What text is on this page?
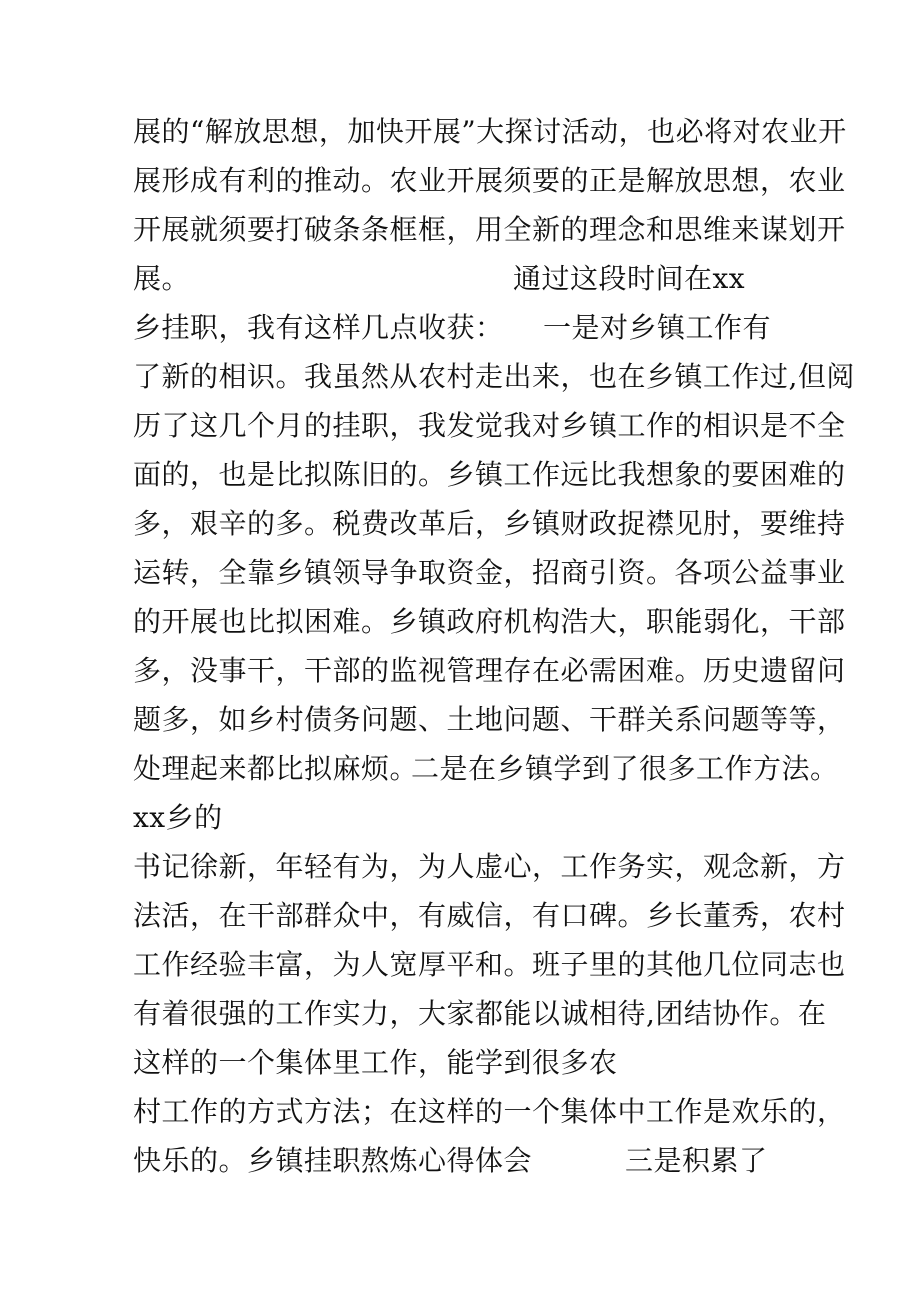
展的“解放思想，加快开展”大探讨活动，也必将对农业开
展形成有利的推动。农业开展须要的正是解放思想，农业
开展就须要打破条条框框，用全新的理念和思维来谋划开
展。	通过这段时间在xx
乡挂职，我有这样几点收获： 一是对乡镇工作有
了新的相识。我虽然从农村走出来，也在乡镇工作过,但阅
历了这几个月的挂职，我发觉我对乡镇工作的相识是不全
面的，也是比拟陈旧的。乡镇工作远比我想象的要困难的
多，艰辛的多。税费改革后，乡镇财政捉襟见肘，要维持
运转，全靠乡镇领导争取资金，招商引资。各项公益事业
的开展也比拟困难。乡镇政府机构浩大，职能弱化，干部
多，没事干，干部的监视管理存在必需困难。历史遗留问
题多，如乡村债务问题、土地问题、干群关系问题等等，
处理起来都比拟麻烦。
二是在乡镇学到了很多工作方法。
xx乡的
书记徐新，年轻有为，为人虚心，工作务实，观念新，方
法活，在干部群众中，有威信，有口碑。乡长董秀，农村
工作经验丰富，为人宽厚平和。班子里的其他几位同志也
有着很强的工作实力，大家都能以诚相待,团结协作。在
这样的一个集体里工作，能学到很多农
村工作的方式方法；在这样的一个集体中工作是欢乐的，
快乐的。乡镇挂职熬炼心得体会	三是积累了
